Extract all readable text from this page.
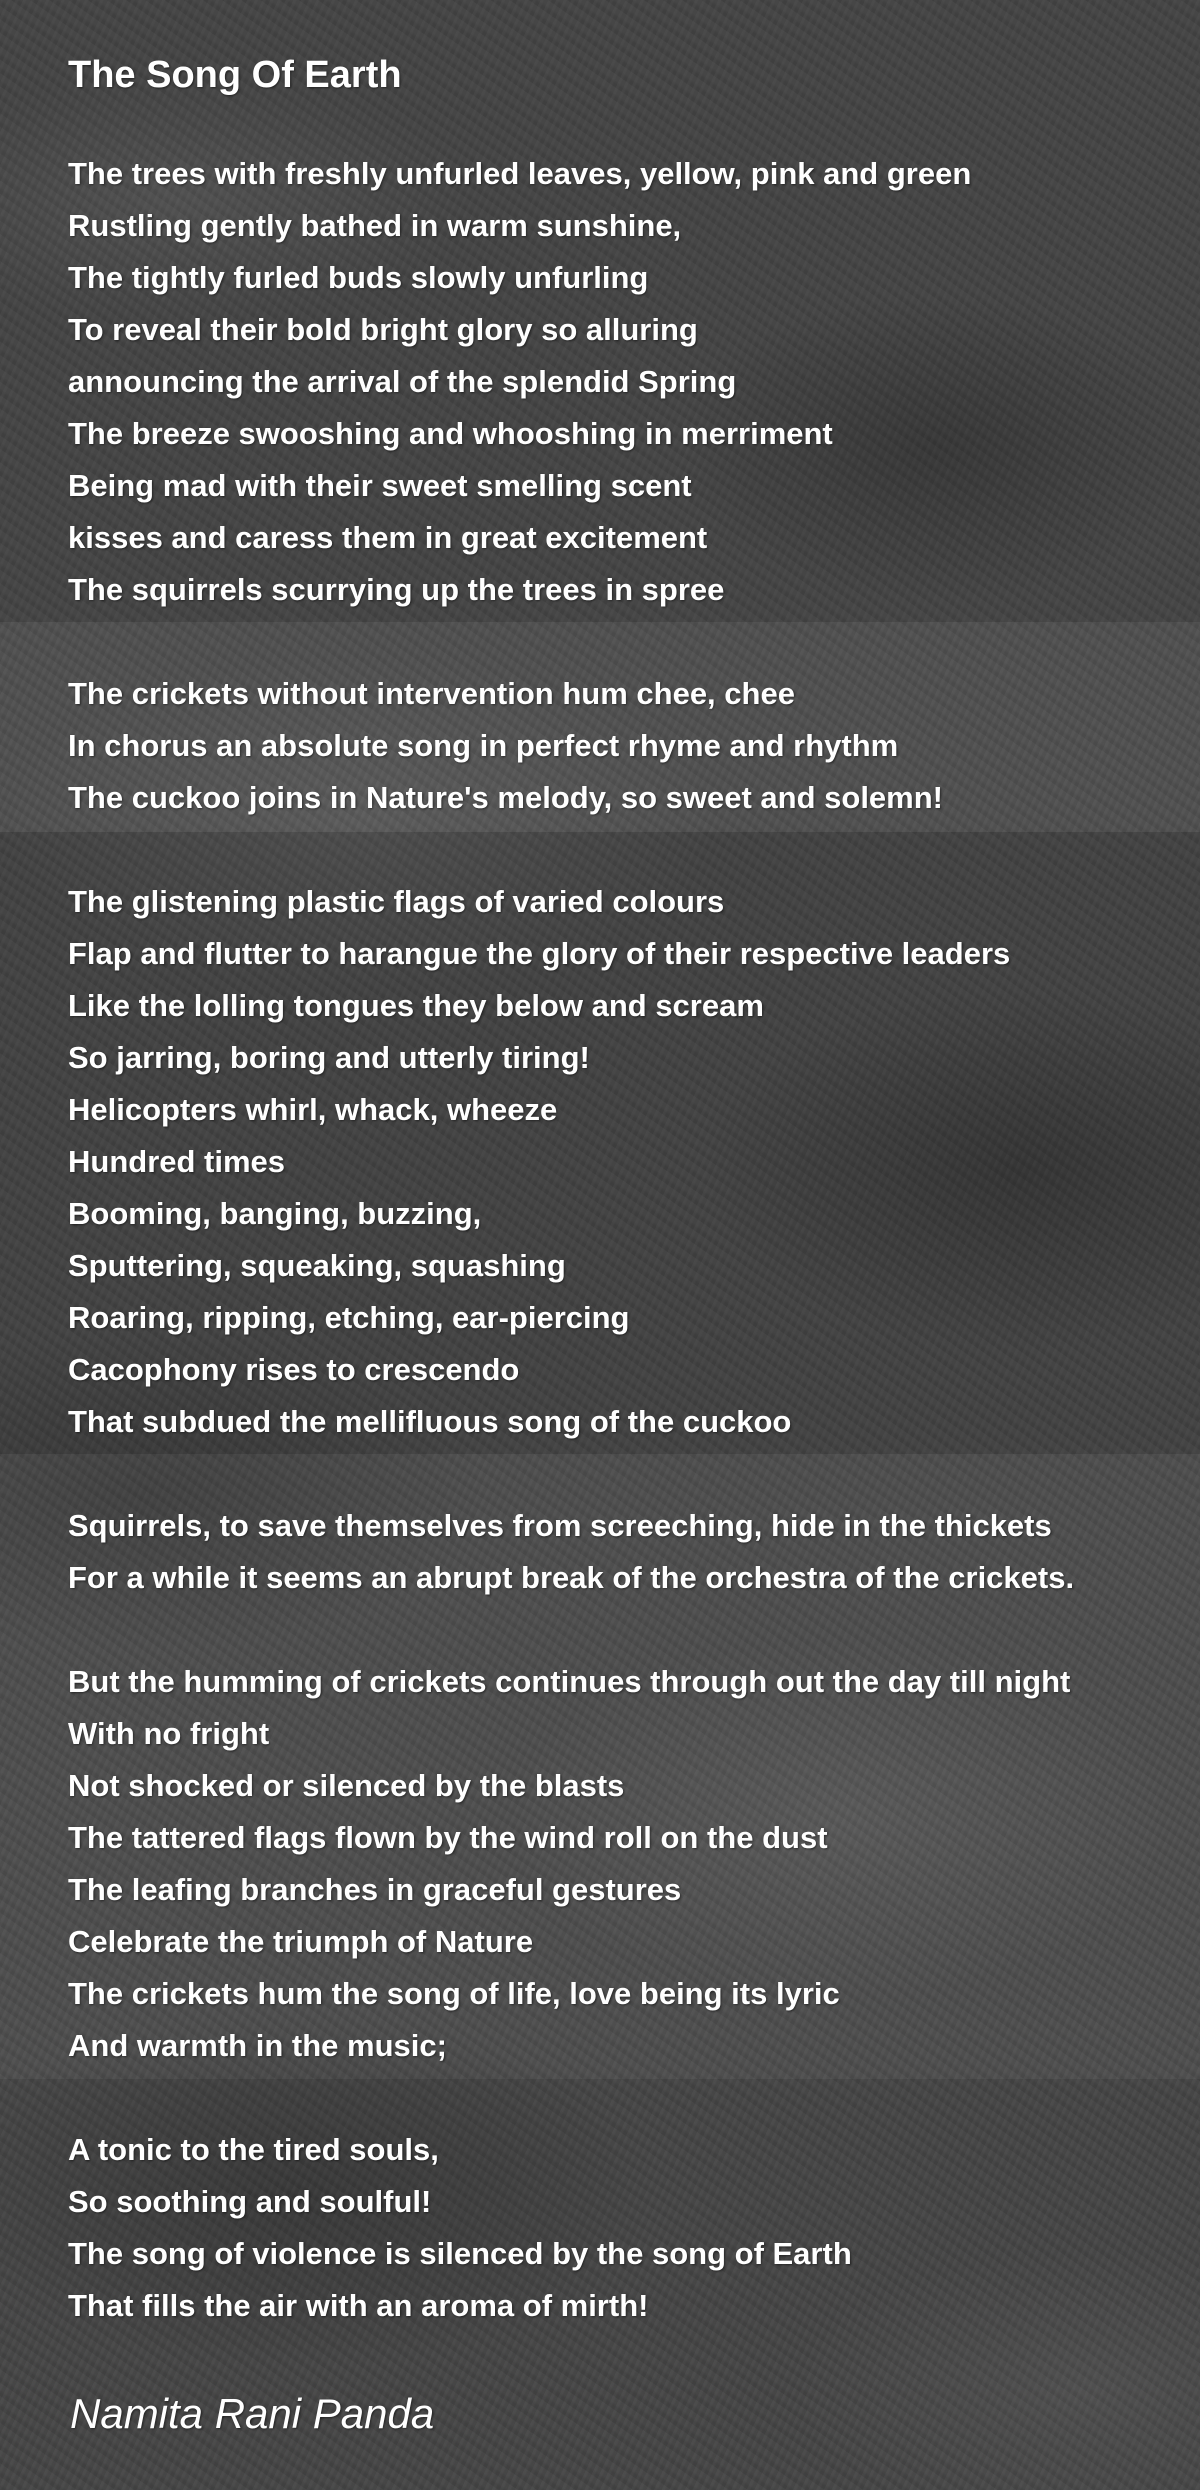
The Song Of Earth
The trees with freshly unfurled leaves, yellow, pink and green
Rustling gently bathed in warm sunshine,
The tightly furled buds slowly unfurling
To reveal their bold bright glory so alluring
announcing the arrival of the splendid Spring
The breeze swooshing and whooshing in merriment
Being mad with their sweet smelling scent
kisses and caress them in great excitement
The squirrels scurrying up the trees in spree
The crickets without intervention hum chee, chee
In chorus an absolute song in perfect rhyme and rhythm
The cuckoo joins in Nature's melody, so sweet and solemn!
The glistening plastic flags of varied colours
Flap and flutter to harangue the glory of their respective leaders
Like the lolling tongues they below and scream
So jarring, boring and utterly tiring!
Helicopters whirl, whack, wheeze
Hundred times
Booming, banging, buzzing,
Sputtering, squeaking, squashing
Roaring, ripping, etching, ear-piercing
Cacophony rises to crescendo
That subdued the mellifluous song of the cuckoo
Squirrels, to save themselves from screeching, hide in the thickets
For a while it seems an abrupt break of the orchestra of the crickets.
But the humming of crickets continues through out the day till night
With no fright
Not shocked or silenced by the blasts
The tattered flags flown by the wind roll on the dust
The leafing branches in graceful gestures
Celebrate the triumph of Nature
The crickets hum the song of life, love being its lyric
And warmth in the music;
A tonic to the tired souls,
So soothing and soulful!
The song of violence is silenced by the song of Earth
That fills the air with an aroma of mirth!

Namita Rani Panda
